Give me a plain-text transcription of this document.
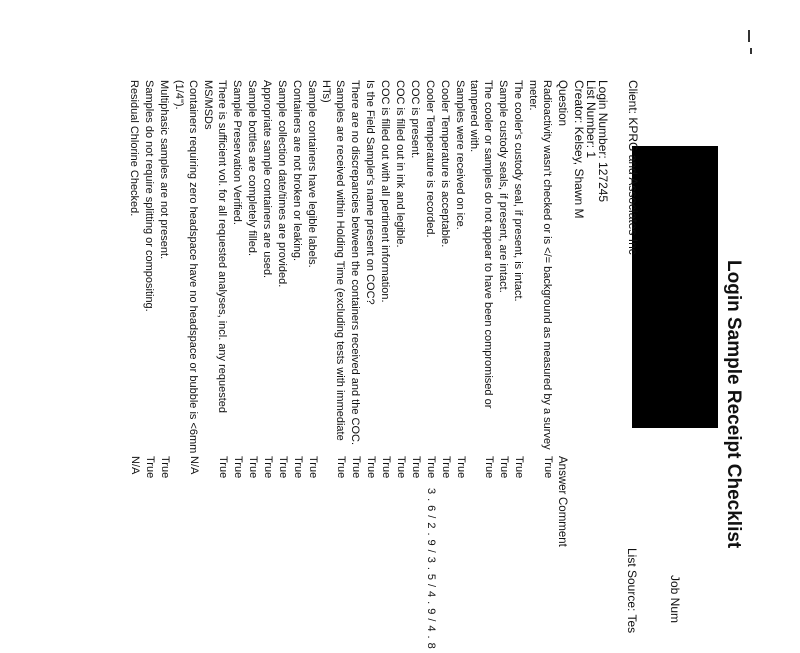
Login Sample Receipt Checklist
Job Num
List Source: Tes
Client: KPRG and Associates Inc
Login Number: 127245
List Number: 1
Creator: Kelsey, Shawn M
Question
Answer
Comment
Radioactivity wasn't checked or is </= background as measured by a survey meter.
True
The cooler's custody seal, if present, is intact.
True
Sample custody seals, if present, are intact.
True
The cooler or samples do not appear to have been compromised or tampered with.
True
Samples were received on ice.
True
Cooler Temperature is acceptable.
True
Cooler Temperature is recorded.
True
3.6/2.9/3.5/4.9/4.8
COC is present.
True
COC is filled out in ink and legible.
True
COC is filled out with all pertinent information.
True
Is the Field Sampler's name present on COC?
True
There are no discrepancies between the containers received and the COC.
True
Samples are received within Holding Time (excluding tests with immediate HTs)
True
Sample containers have legible labels.
True
Containers are not broken or leaking.
True
Sample collection date/times are provided.
True
Appropriate sample containers are used.
True
Sample bottles are completely filled.
True
Sample Preservation Verified.
True
There is sufficient vol. for all requested analyses, incl. any requested MS/MSDs
True
Containers requiring zero headspace have no headspace or bubble is <6mm (1/4").
N/A
Multiphasic samples are not present.
True
Samples do not require splitting or compositing.
True
Residual Chlorine Checked.
N/A
